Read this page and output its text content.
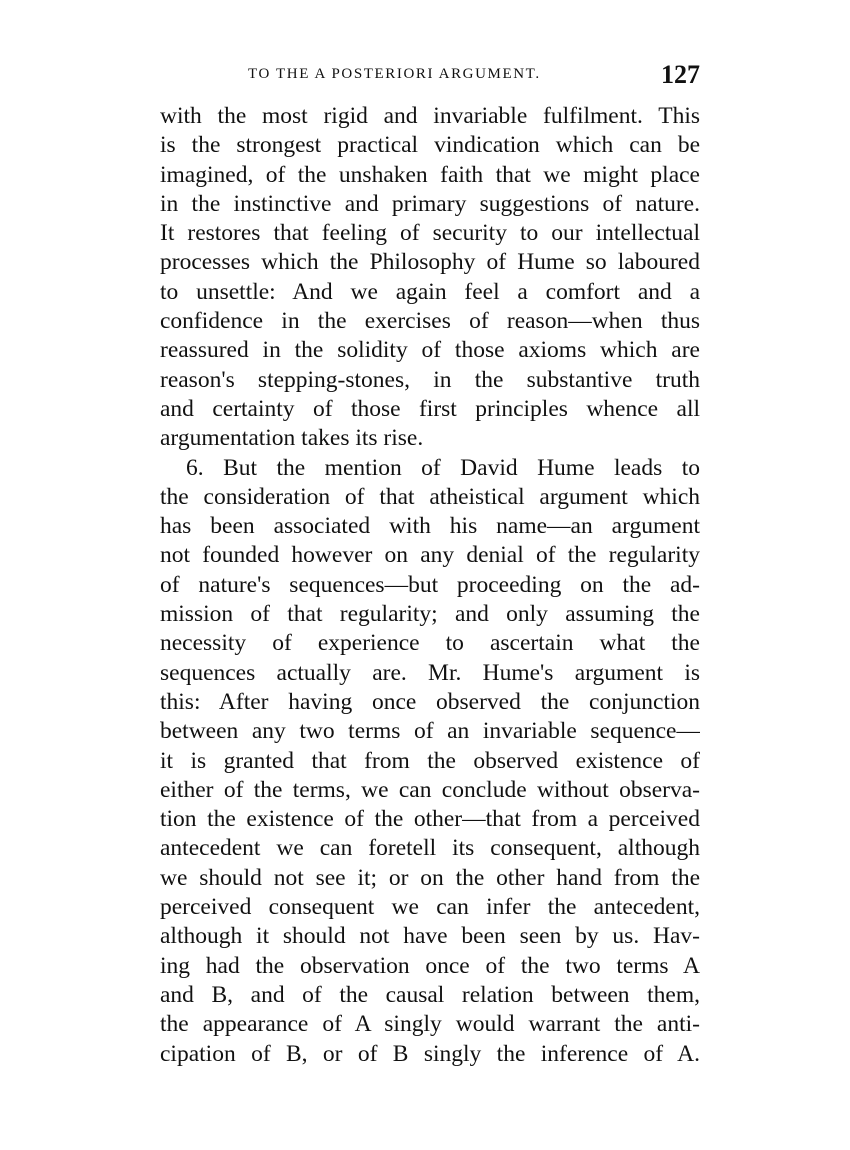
TO THE A POSTERIORI ARGUMENT.	127
with the most rigid and invariable fulfilment. This
is the strongest practical vindication which can be
imagined, of the unshaken faith that we might place
in the instinctive and primary suggestions of nature.
It restores that feeling of security to our intellectual
processes which the Philosophy of Hume so laboured
to unsettle: And we again feel a comfort and a
confidence in the exercises of reason—when thus
reassured in the solidity of those axioms which are
reason's stepping-stones, in the substantive truth
and certainty of those first principles whence all
argumentation takes its rise.
6. But the mention of David Hume leads to
the consideration of that atheistical argument which
has been associated with his name—an argument
not founded however on any denial of the regularity
of nature's sequences—but proceeding on the ad-
mission of that regularity; and only assuming the
necessity of experience to ascertain what the
sequences actually are. Mr. Hume's argument is
this: After having once observed the conjunction
between any two terms of an invariable sequence—
it is granted that from the observed existence of
either of the terms, we can conclude without observa-
tion the existence of the other—that from a perceived
antecedent we can foretell its consequent, although
we should not see it; or on the other hand from the
perceived consequent we can infer the antecedent,
although it should not have been seen by us. Hav-
ing had the observation once of the two terms A
and B, and of the causal relation between them,
the appearance of A singly would warrant the anti-
cipation of B, or of B singly the inference of A.
